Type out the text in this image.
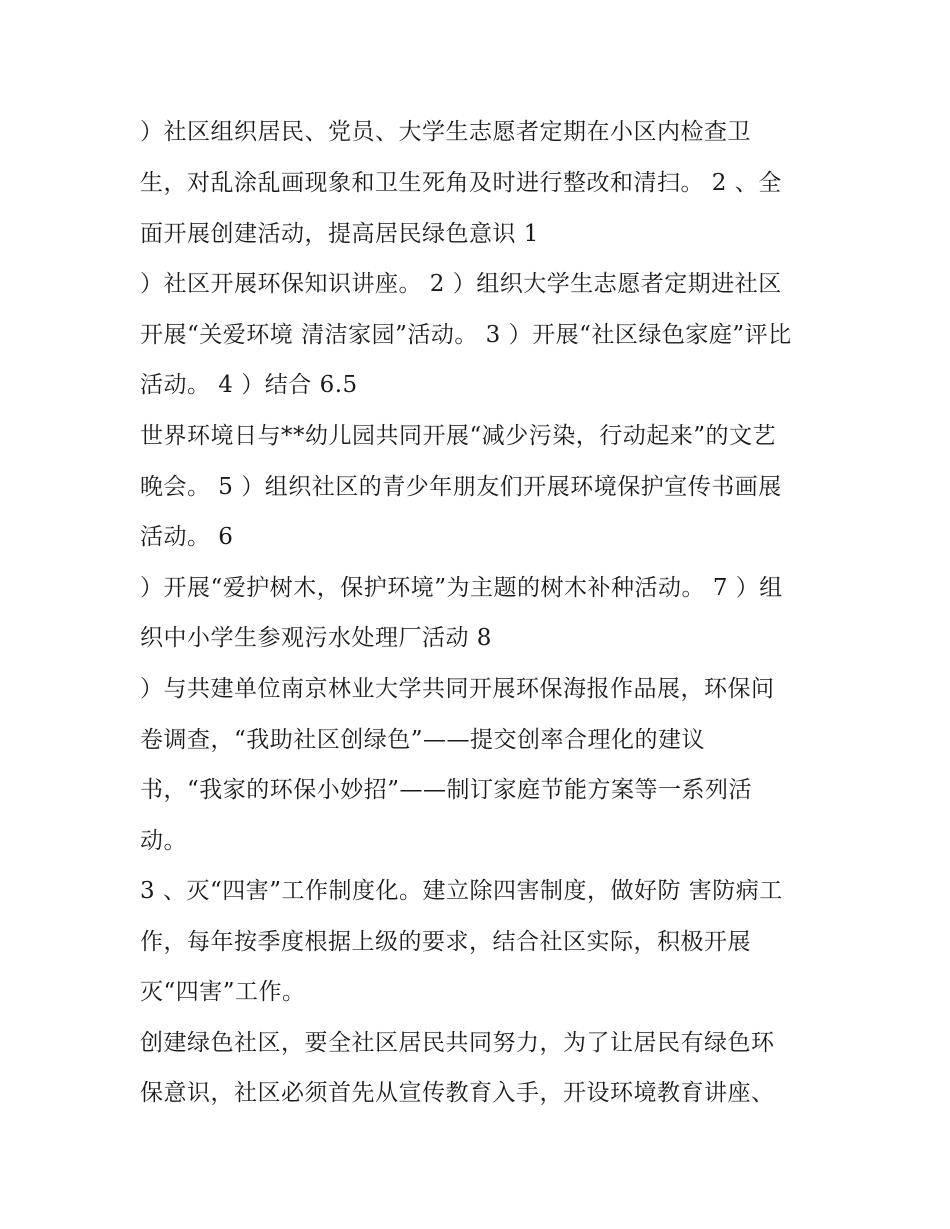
）社区组织居民、党员、大学生志愿者定期在小区内检查卫
生，对乱涂乱画现象和卫生死角及时进行整改和清扫。 2 、全
面开展创建活动，提高居民绿色意识 1
）社区开展环保知识讲座。 2 ）组织大学生志愿者定期进社区
开展“关爱环境 清洁家园”活动。 3 ）开展“社区绿色家庭”评比
活动。 4 ）结合 6.5
世界环境日与**幼儿园共同开展“减少污染，行动起来”的文艺
晚会。 5 ）组织社区的青少年朋友们开展环境保护宣传书画展
活动。 6
）开展“爱护树木，保护环境”为主题的树木补种活动。 7 ）组
织中小学生参观污水处理厂活动 8
）与共建单位南京林业大学共同开展环保海报作品展，环保问
卷调查，“我助社区创绿色”——提交创率合理化的建议
书，“我家的环保小妙招”——制订家庭节能方案等一系列活
动。
3 、灭“四害”工作制度化。建立除四害制度，做好防 害防病工
作，每年按季度根据上级的要求，结合社区实际，积极开展
灭“四害”工作。
创建绿色社区，要全社区居民共同努力，为了让居民有绿色环
保意识，社区必须首先从宣传教育入手，开设环境教育讲座、
